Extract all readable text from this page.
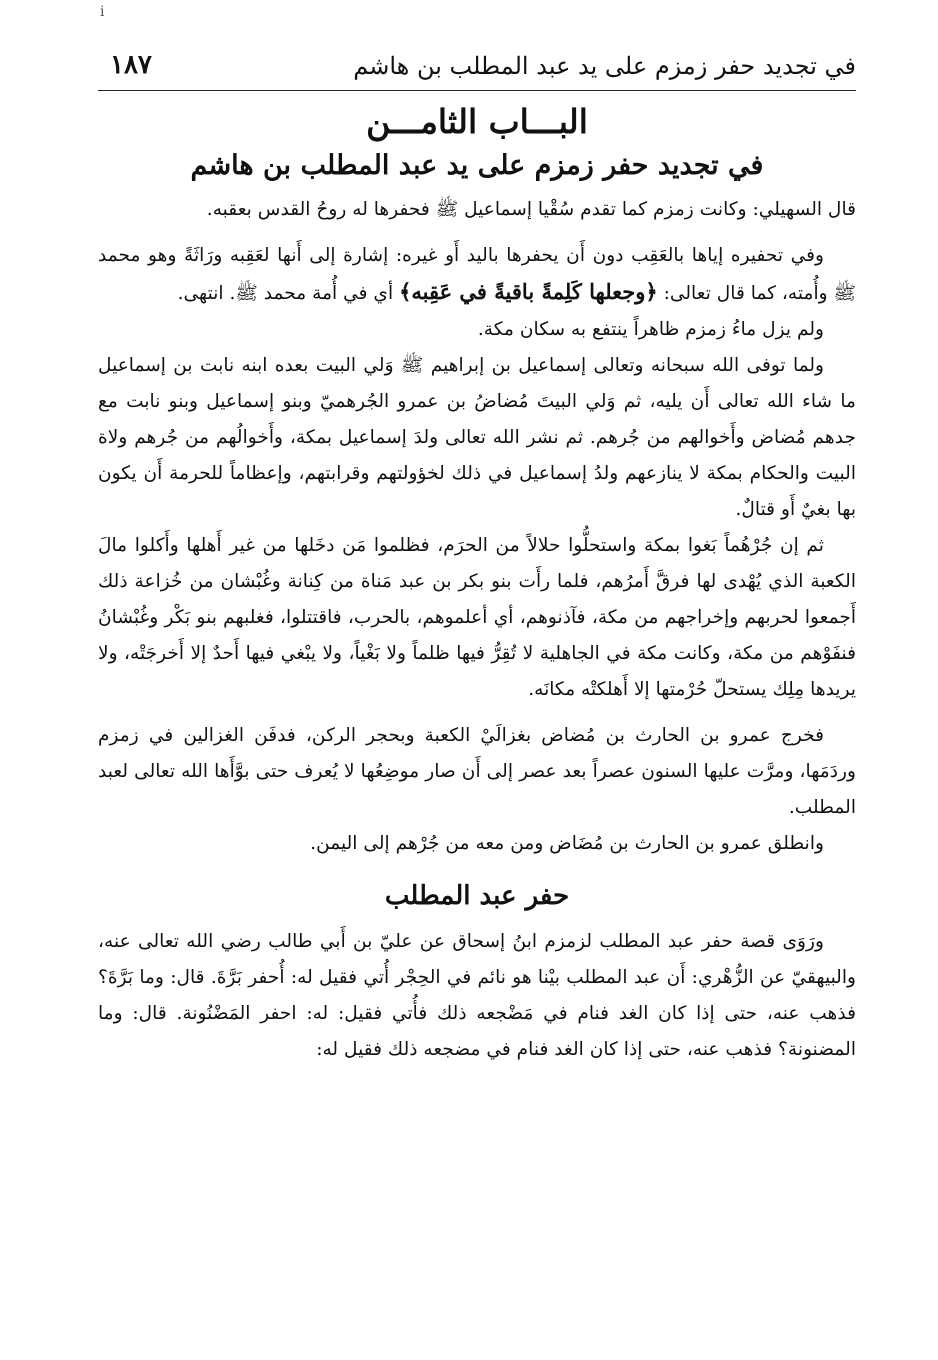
i
١٨٧	في تجديد حفر زمزم على يد عبد المطلب بن هاشم
البـــاب الثامـــن
في تجديد حفر زمزم على يد عبد المطلب بن هاشم

قال السهيلي: وكانت زمزم كما تقدم سُقْيا إسماعيل ﷺ فحفرها له روحُ القدس بعقبه.

وفي تحفيره إياها بالعَقِب دون أَن يحفرها باليد أَو غيره: إشارة إلى أَنها لعَقِبه ورَاثَةً وهو محمد ﷺ وأُمته، كما قال تعالى: ﴿وجعلها كَلِمةً باقيةً في عَقِبه﴾ أي في أُمة محمد ﷺ. انتهى.

ولم يزل ماءُ زمزم ظاهراً ينتفع به سكان مكة.

ولما توفى الله سبحانه وتعالى إسماعيل بن إبراهيم ﷺ وَلي البيت بعده ابنه نابت بن إسماعيل ما شاء الله تعالى أَن يليه، ثم وَلي البيتَ مُضاضُ بن عمرو الجُرهميّ وبنو إسماعيل وبنو نابت مع جدهم مُضاض وأَخوالهم من جُرهم. ثم نشر الله تعالى ولدَ إسماعيل بمكة، وأَخوالُهم من جُرهم ولاة البيت والحكام بمكة لا ينازعهم ولدُ إسماعيل في ذلك لخؤولتهم وقرابتهم، وإعظاماً للحرمة أَن يكون بها بغيٌ أَو قتالٌ.

ثم إن جُرْهُماً بَغوا بمكة واستحلُّوا حلالاً من الحرَم، فظلموا مَن دخَلها من غير أَهلها وأَكلوا مالَ الكعبة الذي يُهْدى لها فرقَّ أَمرُهم، فلما رأَت بنو بكر بن عبد مَناة من كِنانة وغُبْشان من خُزاعة ذلك أَجمعوا لحربهم وإخراجهم من مكة، فآذنوهم، أي أعلموهم، بالحرب، فاقتتلوا، فغلبهم بنو بَكْر وغُبْشانُ فنفَوْهم من مكة، وكانت مكة في الجاهلية لا تُقِرُّ فيها ظلماً ولا بَغْياً، ولا يبْغي فيها أَحدٌ إلا أَخرجَتْه، ولا يريدها مِلِك يستحلّ حُرْمتها إلا أَهلكتْه مكانَه.

فخرج عمرو بن الحارث بن مُضاض بغزالَيْ الكعبة وبحجر الركن، فدفَن الغزالين في زمزم وردَمَها، ومرَّت عليها السنون عصراً بعد عصر إلى أَن صار موضِعُها لا يُعرف حتى بوَّأَها الله تعالى لعبد المطلب.

وانطلق عمرو بن الحارث بن مُضَاض ومن معه من جُرْهم إلى اليمن.

حفر عبد المطلب

ورَوَى قصة حفر عبد المطلب لزمزم ابنُ إسحاق عن عليّ بن أَبي طالب رضي الله تعالى عنه، والبيهقيّ عن الزُّهْري: أَن عبد المطلب بيْنا هو نائم في الحِجْر أُتي فقيل له: أُحفر بَرَّةَ. قال: وما بَرَّةَ؟ فذهب عنه، حتى إذا كان الغد فنام في مَضْجعه ذلك فأُتي فقيل: له: احفر المَضْنُونة. قال: وما المضنونة؟ فذهب عنه، حتى إذا كان الغد فنام في مضجعه ذلك فقيل له:
